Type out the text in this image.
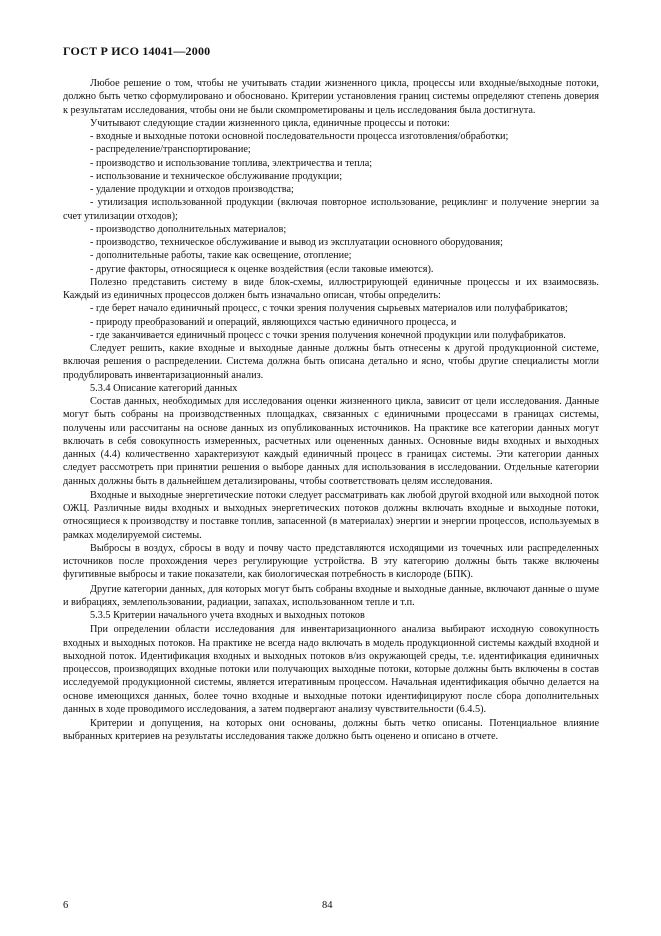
ГОСТ Р ИСО 14041—2000

Любое решение о том, чтобы не учитывать стадии жизненного цикла, процессы или входные/выходные потоки, должно быть четко сформулировано и обосновано. Критерии установления границ системы определяют степень доверия к результатам исследования, чтобы они не были скомпрометированы и цель исследования была достигнута.

Учитывают следующие стадии жизненного цикла, единичные процессы и потоки:

- входные и выходные потоки основной последовательности процесса изготовления/обработки;

- распределение/транспортирование;

- производство и использование топлива, электричества и тепла;

- использование и техническое обслуживание продукции;

- удаление продукции и отходов производства;

- утилизация использованной продукции (включая повторное использование, рециклинг и получение энергии за счет утилизации отходов);

- производство дополнительных материалов;

- производство, техническое обслуживание и вывод из эксплуатации основного оборудования;

- дополнительные работы, такие как освещение, отопление;

- другие факторы, относящиеся к оценке воздействия (если таковые имеются).

Полезно представить систему в виде блок-схемы, иллюстрирующей единичные процессы и их взаимосвязь. Каждый из единичных процессов должен быть изначально описан, чтобы определить:

- где берет начало единичный процесс, с точки зрения получения сырьевых материалов или полуфабрикатов;

- природу преобразований и операций, являющихся частью единичного процесса, и

- где заканчивается единичный процесс с точки зрения получения конечной продукции или полуфабрикатов.

Следует решить, какие входные и выходные данные должны быть отнесены к другой продукционной системе, включая решения о распределении. Система должна быть описана детально и ясно, чтобы другие специалисты могли продублировать инвентаризационный анализ.

5.3.4 Описание категорий данных

Состав данных, необходимых для исследования оценки жизненного цикла, зависит от цели исследования. Данные могут быть собраны на производственных площадках, связанных с единичными процессами в границах системы, получены или рассчитаны на основе данных из опубликованных источников. На практике все категории данных могут включать в себя совокупность измеренных, расчетных или оцененных данных. Основные виды входных и выходных данных (4.4) количественно характеризуют каждый единичный процесс в границах системы. Эти категории данных следует рассмотреть при принятии решения о выборе данных для использования в исследовании. Отдельные категории данных должны быть в дальнейшем детализированы, чтобы соответствовать целям исследования.

Входные и выходные энергетические потоки следует рассматривать как любой другой входной или выходной поток ОЖЦ. Различные виды входных и выходных энергетических потоков должны включать входные и выходные потоки, относящиеся к производству и поставке топлив, запасенной (в материалах) энергии и энергии процессов, используемых в рамках моделируемой системы.

Выбросы в воздух, сбросы в воду и почву часто представляются исходящими из точечных или распределенных источников после прохождения через регулирующие устройства. В эту категорию должны быть также включены фугитивные выбросы и такие показатели, как биологическая потребность в кислороде (БПК).

Другие категории данных, для которых могут быть собраны входные и выходные данные, включают данные о шуме и вибрациях, землепользовании, радиации, запахах, использованном тепле и т.п.

5.3.5 Критерии начального учета входных и выходных потоков

При определении области исследования для инвентаризационного анализа выбирают исходную совокупность входных и выходных потоков. На практике не всегда надо включать в модель продукционной системы каждый входной и выходной поток. Идентификация входных и выходных потоков в/из окружающей среды, т.е. идентификация единичных процессов, производящих входные потоки или получающих выходные потоки, которые должны быть включены в состав исследуемой продукционной системы, является итеративным процессом. Начальная идентификация обычно делается на основе имеющихся данных, более точно входные и выходные потоки идентифицируют после сбора дополнительных данных в ходе проводимого исследования, а затем подвергают анализу чувствительности (6.4.5).

Критерии и допущения, на которых они основаны, должны быть четко описаны. Потенциальное влияние выбранных критериев на результаты исследования также должно быть оценено и описано в отчете.

6	84
